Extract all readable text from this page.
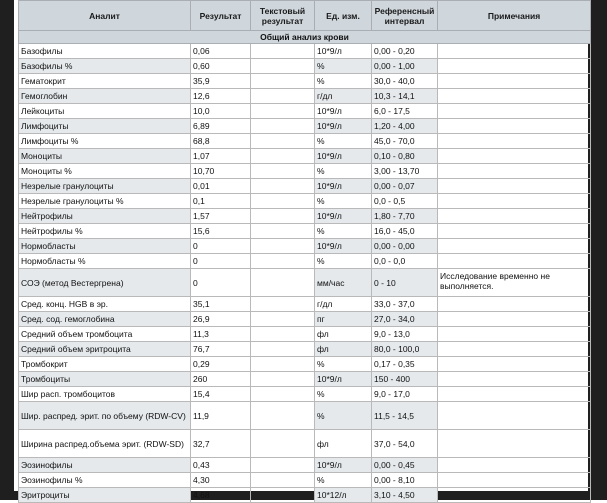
Аналит	Результат	Текстовый результат	Ед. изм.	Референсный интервал	Примечания
Общий анализ крови					
Базофилы	0,06		10*9/л	0,00 - 0,20	
Базофилы %	0,60		%	0,00 - 1,00	
Гематокрит	35,9		%	30,0 - 40,0	
Гемоглобин	12,6		г/дл	10,3 - 14,1	
Лейкоциты	10,0		10*9/л	6,0 - 17,5	
Лимфоциты	6,89		10*9/л	1,20 - 4,00	
Лимфоциты %	68,8		%	45,0 - 70,0	
Моноциты	1,07		10*9/л	0,10 - 0,80	
Моноциты %	10,70		%	3,00 - 13,70	
Незрелые гранулоциты	0,01		10*9/л	0,00 - 0,07	
Незрелые гранулоциты %	0,1		%	0,0 - 0,5	
Нейтрофилы	1,57		10*9/л	1,80 - 7,70	
Нейтрофилы %	15,6		%	16,0 - 45,0	
Нормобласты	0		10*9/л	0,00 - 0,00	
Нормобласты %	0		%	0,0 - 0,0	
СОЭ (метод Вестергрена)	0		мм/час	0 - 10	Исследование временно не выполняется.
Сред. конц. HGB в эр.	35,1		г/дл	33,0 - 37,0	
Сред. сод. гемоглобина	26,9		пг	27,0 - 34,0	
Средний объем тромбоцита	11,3		фл	9,0 - 13,0	
Средний объем эритроцита	76,7		фл	80,0 - 100,0	
Тромбокрит	0,29		%	0,17 - 0,35	
Тромбоциты	260		10*9/л	150 - 400	
Шир расп. тромбоцитов	15,4		%	9,0 - 17,0	
Шир. распред. эрит. по объему (RDW-CV)	11,9		%	11,5 - 14,5	
Ширина распред.объема эрит. (RDW-SD)	32,7		фл	37,0 - 54,0	
Эозинофилы	0,43		10*9/л	0,00 - 0,45	
Эозинофилы %	4,30		%	0,00 - 8,10	
Эритроциты	4,68		10*12/л	3,10 - 4,50	
